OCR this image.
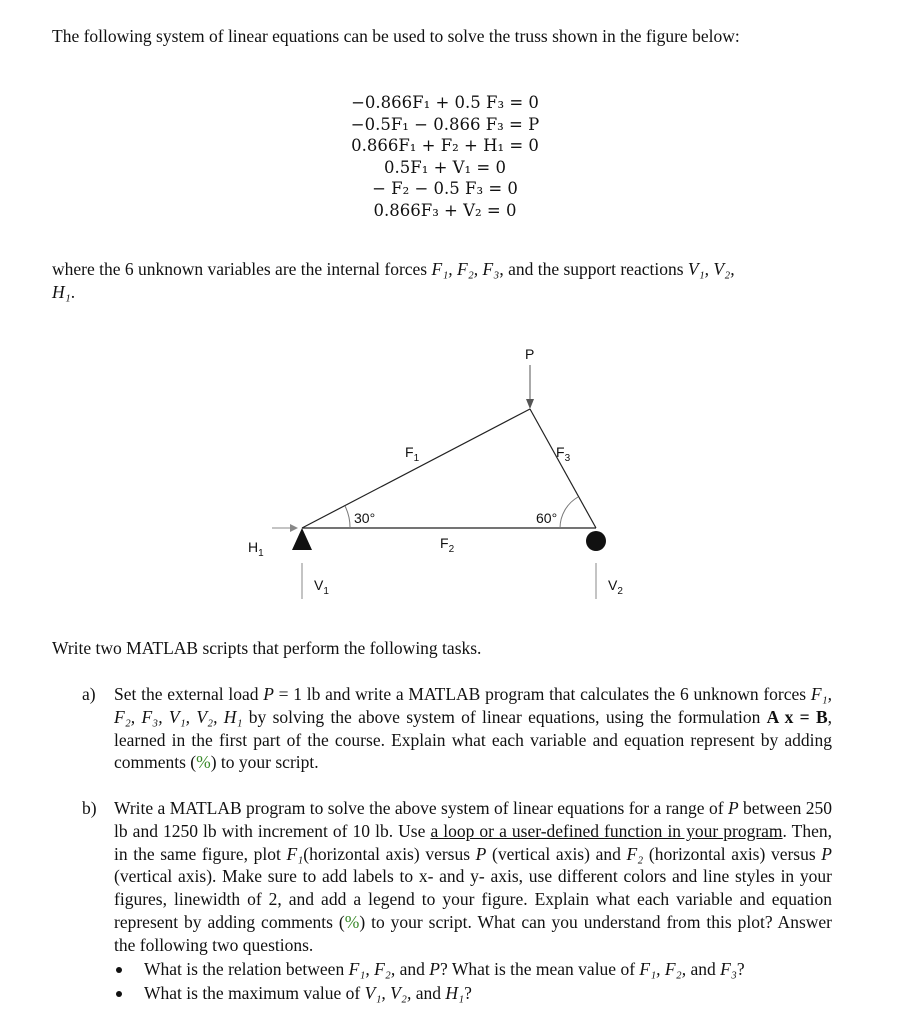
The following system of linear equations can be used to solve the truss shown in the figure below:

−0.866F₁ + 0.5 F₃ = 0
−0.5F₁ − 0.866 F₃ = P
0.866F₁ + F₂ + H₁ = 0
0.5F₁ + V₁ = 0
− F₂ − 0.5 F₃ = 0
0.866F₃ + V₂ = 0

where the 6 unknown variables are the internal forces F₁, F₂, F₃, and the support reactions V₁, V₂,
H₁.

P
30°	60°
$F_1$	$F_3$
$F_2$
$H_1$
$V_1$	$V_2$

Write two MATLAB scripts that perform the following tasks.

a) Set the external load P = 1 lb and write a MATLAB program that calculates the 6 unknown forces F₁, F₂, F₃, V₁, V₂, H₁ by solving the above system of linear equations, using the formulation A x = B, learned in the first part of the course. Explain what each variable and equation represent by adding comments (%) to your script.
b) Write a MATLAB program to solve the above system of linear equations for a range of P between 250 lb and 1250 lb with increment of 10 lb. Use a loop or a user-defined function in your program. Then, in the same figure, plot F₁(horizontal axis) versus P (vertical axis) and F₂ (horizontal axis) versus P (vertical axis). Make sure to add labels to x- and y- axis, use different colors and line styles in your figures, linewidth of 2, and add a legend to your figure. Explain what each variable and equation represent by adding comments (%) to your script. What can you understand from this plot? Answer the following two questions.
What is the relation between F₁, F₂, and P? What is the mean value of F₁, F₂, and F₃?
What is the maximum value of V₁, V₂, and H₁?
